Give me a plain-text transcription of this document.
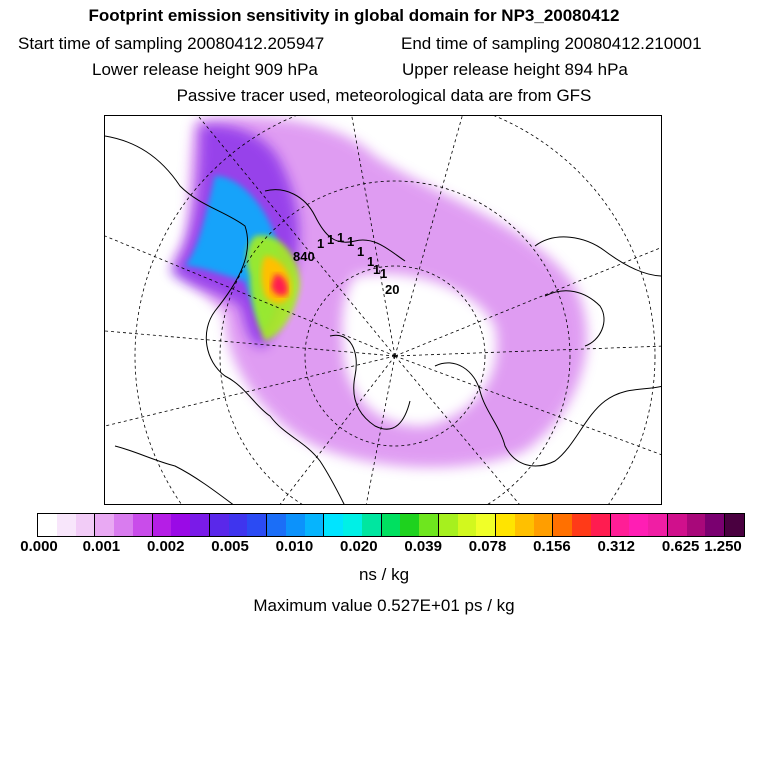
Footprint emission sensitivity in global domain for NP3_20080412
Start time of sampling 20080412.205947	End time of sampling 20080412.210001
Lower release height 909 hPa	Upper release height 894 hPa
Passive tracer used, meteorological data are from GFS
840
1 1 1 1
1
1
1 1
20
0.000 0.001 0.002 0.005 0.010 0.020 0.039 0.078 0.156 0.312 0.625 1.250
ns / kg
Maximum value 0.527E+01 ps / kg
